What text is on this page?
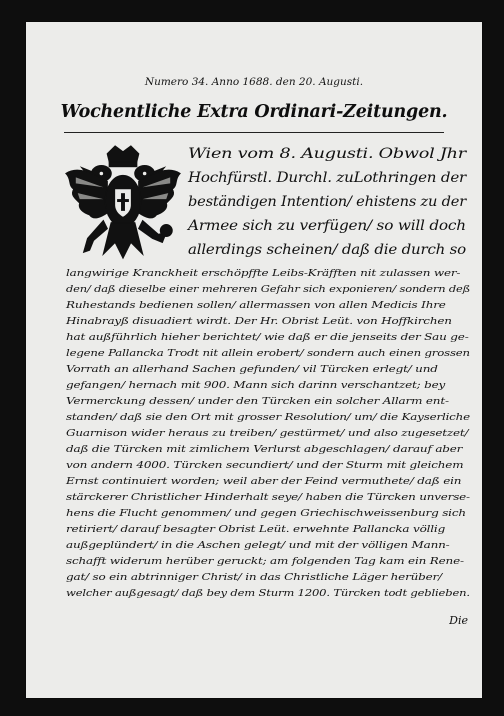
Numero 34. Anno 1688. den 20. Augusti.
Wochentliche Extra Ordinari-Zeitungen.
Wien vom 8. Augusti. Obwol Jhr
Hochfürstl. Durchl. zuLothringen der
beständigen Intention/ ehistens zu der
Armee sich zu verfügen/ so will doch
allerdings scheinen/ daß die durch so
langwirige Kranckheit erschöpffte Leibs-Kräfften nit zulassen wer-
den/ daß dieselbe einer mehreren Gefahr sich exponieren/ sondern deß
Ruhestands bedienen sollen/ allermassen von allen Medicis Ihre
Hinabrayß disuadiert wirdt. Der Hr. Obrist Leüt. von Hoffkirchen
hat außführlich hieher berichtet/ wie daß er die jenseits der Sau ge-
legene Pallancka Trodt nit allein erobert/ sondern auch einen grossen
Vorrath an allerhand Sachen gefunden/ vil Türcken erlegt/ und
gefangen/ hernach mit 900. Mann sich darinn verschantzet; bey
Vermerckung dessen/ under den Türcken ein solcher Allarm ent-
standen/ daß sie den Ort mit grosser Resolution/ um/ die Kayserliche
Guarnison wider heraus zu treiben/ gestürmet/ und also zugesetzet/
daß die Türcken mit zimlichem Verlurst abgeschlagen/ darauf aber
von andern 4000. Türcken secundiert/ und der Sturm mit gleichem
Ernst continuiert worden; weil aber der Feind vermuthete/ daß ein
stärckerer Christlicher Hinderhalt seye/ haben die Türcken unverse-
hens die Flucht genommen/ und gegen Griechischweissenburg sich
retiriert/ darauf besagter Obrist Leüt. erwehnte Pallancka völlig
außgeplündert/ in die Aschen gelegt/ und mit der völligen Mann-
schafft widerum herüber geruckt; am folgenden Tag kam ein Rene-
gat/ so ein abtrinniger Christ/ in das Christliche Läger herüber/
welcher außgesagt/ daß bey dem Sturm 1200. Türcken todt geblieben.
Die
